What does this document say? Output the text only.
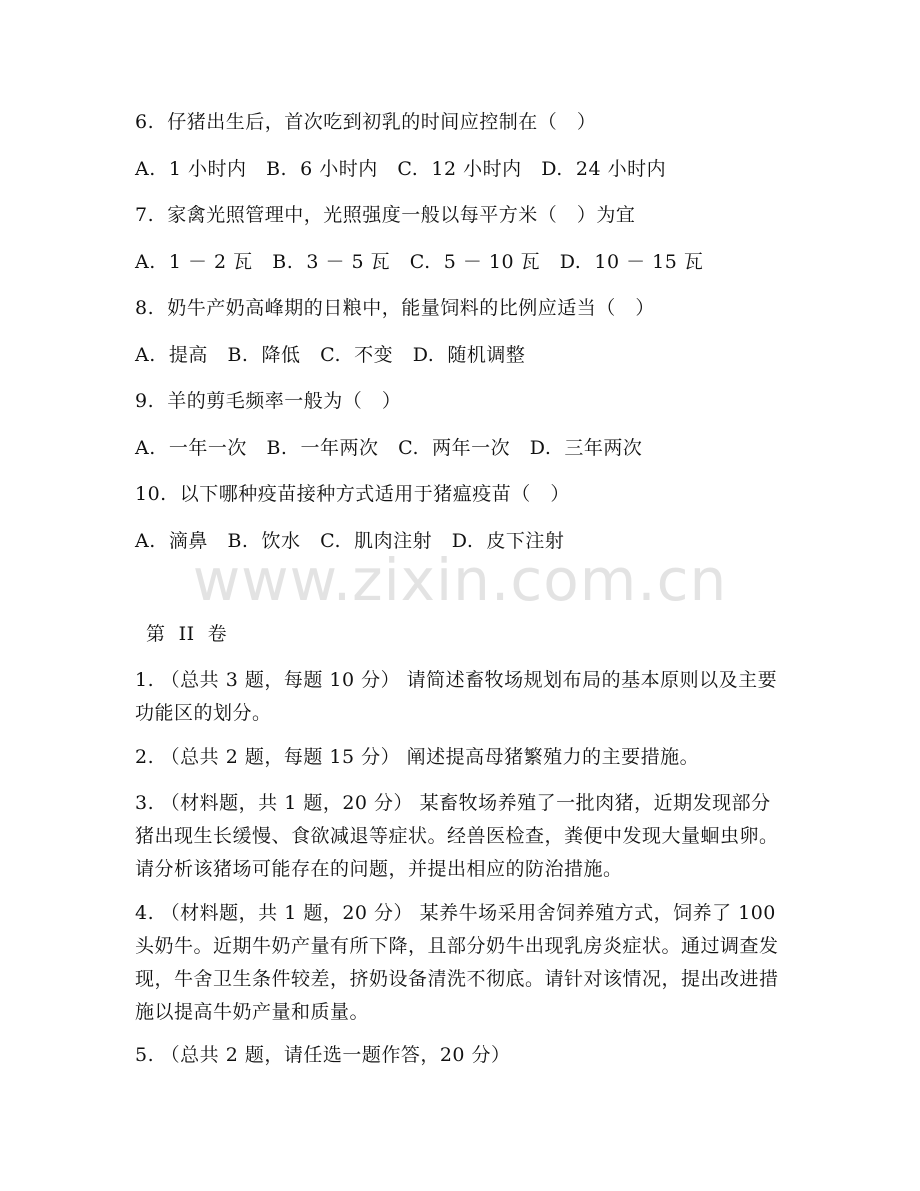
6.  仔猪出生后，首次吃到初乳的时间应控制在（   ）
A.  1 小时内   B.  6 小时内   C.  12 小时内   D.  24 小时内
7.  家禽光照管理中，光照强度一般以每平方米（   ）为宜
A.  1 － 2 瓦   B.  3 － 5 瓦   C.  5 － 10 瓦   D.  10 － 15 瓦
8.  奶牛产奶高峰期的日粮中，能量饲料的比例应适当（   ）
A.  提高   B.  降低   C.  不变   D.  随机调整
9.  羊的剪毛频率一般为（   ）
A.  一年一次   B.  一年两次   C.  两年一次   D.  三年两次
10.  以下哪种疫苗接种方式适用于猪瘟疫苗（   ）
A.  滴鼻   B.  饮水   C.  肌肉注射   D.  皮下注射
www.zixin.com.cn
第  II  卷
1. （总共 3 题，每题 10 分） 请简述畜牧场规划布局的基本原则以及主要功能区的划分。
2. （总共 2 题，每题 15 分） 阐述提高母猪繁殖力的主要措施。
3. （材料题，共 1 题，20 分） 某畜牧场养殖了一批肉猪，近期发现部分猪出现生长缓慢、食欲减退等症状。经兽医检查，粪便中发现大量蛔虫卵。请分析该猪场可能存在的问题，并提出相应的防治措施。
4. （材料题，共 1 题，20 分） 某养牛场采用舍饲养殖方式，饲养了 100 头奶牛。近期牛奶产量有所下降，且部分奶牛出现乳房炎症状。通过调查发现，牛舍卫生条件较差，挤奶设备清洗不彻底。请针对该情况，提出改进措施以提高牛奶产量和质量。
5. （总共 2 题，请任选一题作答，20 分）
